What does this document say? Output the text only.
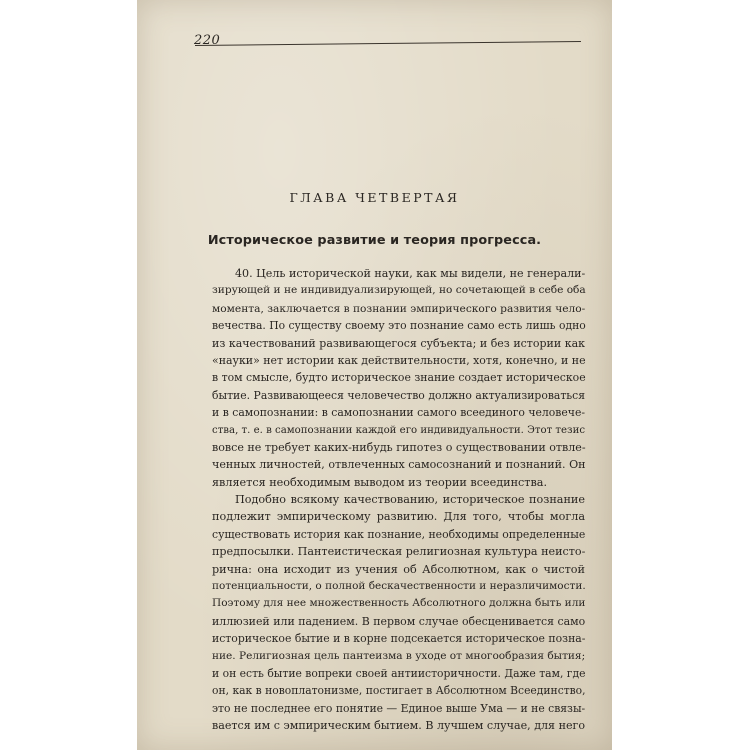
220
ГЛАВА ЧЕТВЕРТАЯ
Историческое развитие и теория прогресса.
40. Цель исторической науки, как мы видели, не генерали-
зирующей и не индивидуализирующей, но сочетающей в себе оба
момента, заключается в познании эмпирического развития чело-
вечества. По существу своему это познание само есть лишь одно
из качествований развивающегося субъекта; и без истории как
«науки» нет истории как действительности, хотя, конечно, и не
в том смысле, будто историческое знание создает историческое
бытие. Развивающееся человечество должно актуализироваться
и в самопознании: в самопознании самого всеединого человече-
ства, т. е. в самопознании каждой его индивидуальности. Этот тезис
вовсе не требует каких-нибудь гипотез о существовании отвле-
ченных личностей, отвлеченных самосознаний и познаний. Он
является необходимым выводом из теории всеединства.
Подобно всякому качествованию, историческое познание
подлежит эмпирическому развитию. Для того, чтобы могла
существовать история как познание, необходимы определенные
предпосылки. Пантеистическая религиозная культура неисто-
рична: она исходит из учения об Абсолютном, как о чистой
потенциальности, о полной бескачественности и неразличимости.
Поэтому для нее множественность Абсолютного должна быть или
иллюзией или падением. В первом случае обесценивается само
историческое бытие и в корне подсекается историческое позна-
ние. Религиозная цель пантеизма в уходе от многообразия бытия;
и он есть бытие вопреки своей антиисторичности. Даже там, где
он, как в новоплатонизме, постигает в Абсолютном Всеединство,
это не последнее его понятие — Единое выше Ума — и не связы-
вается им с эмпирическим бытием. В лучшем случае, для него
